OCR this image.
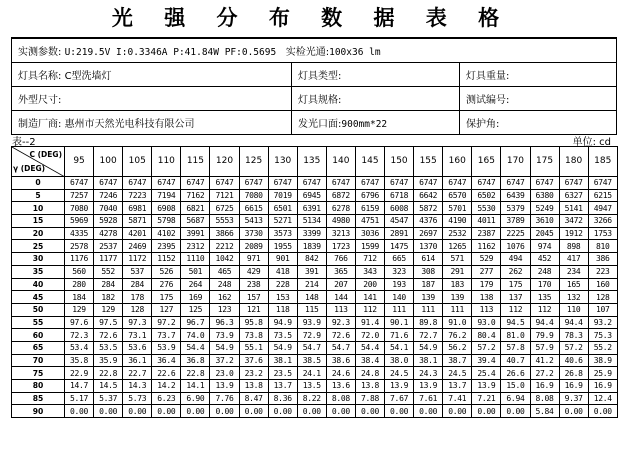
光 强 分 布 数 据 表 格
实测参数: U:219.5V I:0.3346A P:41.84W PF:0.5695 实检光通:100x36 lm		
灯具名称: C型洗墙灯	灯具类型:	灯具重量:
外型尺寸:	灯具规格:	测试编号:
制造厂商: 惠州市天然光电科技有限公司	发光口面:900mm*22	保护角:
表--2	单位: cd
C (DEG)
γ (DEG)	95	100	105	110	115	120	125	130	135	140	145	150	155	160	165	170	175	180	185
0	6747	6747	6747	6747	6747	6747	6747	6747	6747	6747	6747	6747	6747	6747	6747	6747	6747	6747	6747
5	7257	7246	7223	7194	7162	7121	7080	7019	6945	6872	6796	6718	6642	6570	6502	6439	6380	6327	6215
10	7080	7040	6981	6908	6821	6725	6615	6501	6391	6278	6159	6008	5872	5701	5530	5379	5249	5141	4947
15	5969	5928	5871	5798	5687	5553	5413	5271	5134	4980	4751	4547	4376	4190	4011	3789	3610	3472	3266
20	4335	4278	4201	4102	3991	3866	3730	3573	3399	3213	3036	2891	2697	2532	2387	2225	2045	1912	1753
25	2578	2537	2469	2395	2312	2212	2089	1955	1839	1723	1599	1475	1370	1265	1162	1076	974	898	810
30	1176	1177	1172	1152	1110	1042	971	901	842	766	712	665	614	571	529	494	452	417	386
35	560	552	537	526	501	465	429	418	391	365	343	323	308	291	277	262	248	234	223
40	280	284	284	276	264	248	238	228	214	207	200	193	187	183	179	175	170	165	160
45	184	182	178	175	169	162	157	153	148	144	141	140	139	139	138	137	135	132	128
50	129	129	128	127	125	123	121	118	115	113	112	111	111	111	113	112	112	110	107
55	97.6	97.5	97.3	97.2	96.7	96.3	95.8	94.9	93.9	92.3	91.4	90.1	89.8	91.0	93.0	94.5	94.4	94.4	93.2
60	72.3	72.6	73.1	73.7	74.0	73.9	73.8	73.5	72.9	72.6	72.0	71.6	72.7	76.2	80.4	81.0	79.9	78.3	75.3
65	53.4	53.5	53.6	53.9	54.4	54.9	55.1	54.9	54.7	54.7	54.4	54.1	54.9	56.2	57.2	57.8	57.9	57.2	55.2
70	35.8	35.9	36.1	36.4	36.8	37.2	37.6	38.1	38.5	38.6	38.4	38.0	38.1	38.7	39.4	40.7	41.2	40.6	38.9
75	22.9	22.8	22.7	22.6	22.8	23.0	23.2	23.5	24.1	24.6	24.8	24.5	24.3	24.5	25.4	26.6	27.2	26.8	25.9
80	14.7	14.5	14.3	14.2	14.1	13.9	13.8	13.7	13.5	13.6	13.8	13.9	13.9	13.7	13.9	15.0	16.9	16.9	16.9
85	5.17	5.37	5.73	6.23	6.90	7.76	8.47	8.36	8.22	8.08	7.88	7.67	7.61	7.41	7.21	6.94	8.08	9.37	12.4
90	0.00	0.00	0.00	0.00	0.00	0.00	0.00	0.00	0.00	0.00	0.00	0.00	0.00	0.00	0.00	0.00	5.84	0.00	0.00
